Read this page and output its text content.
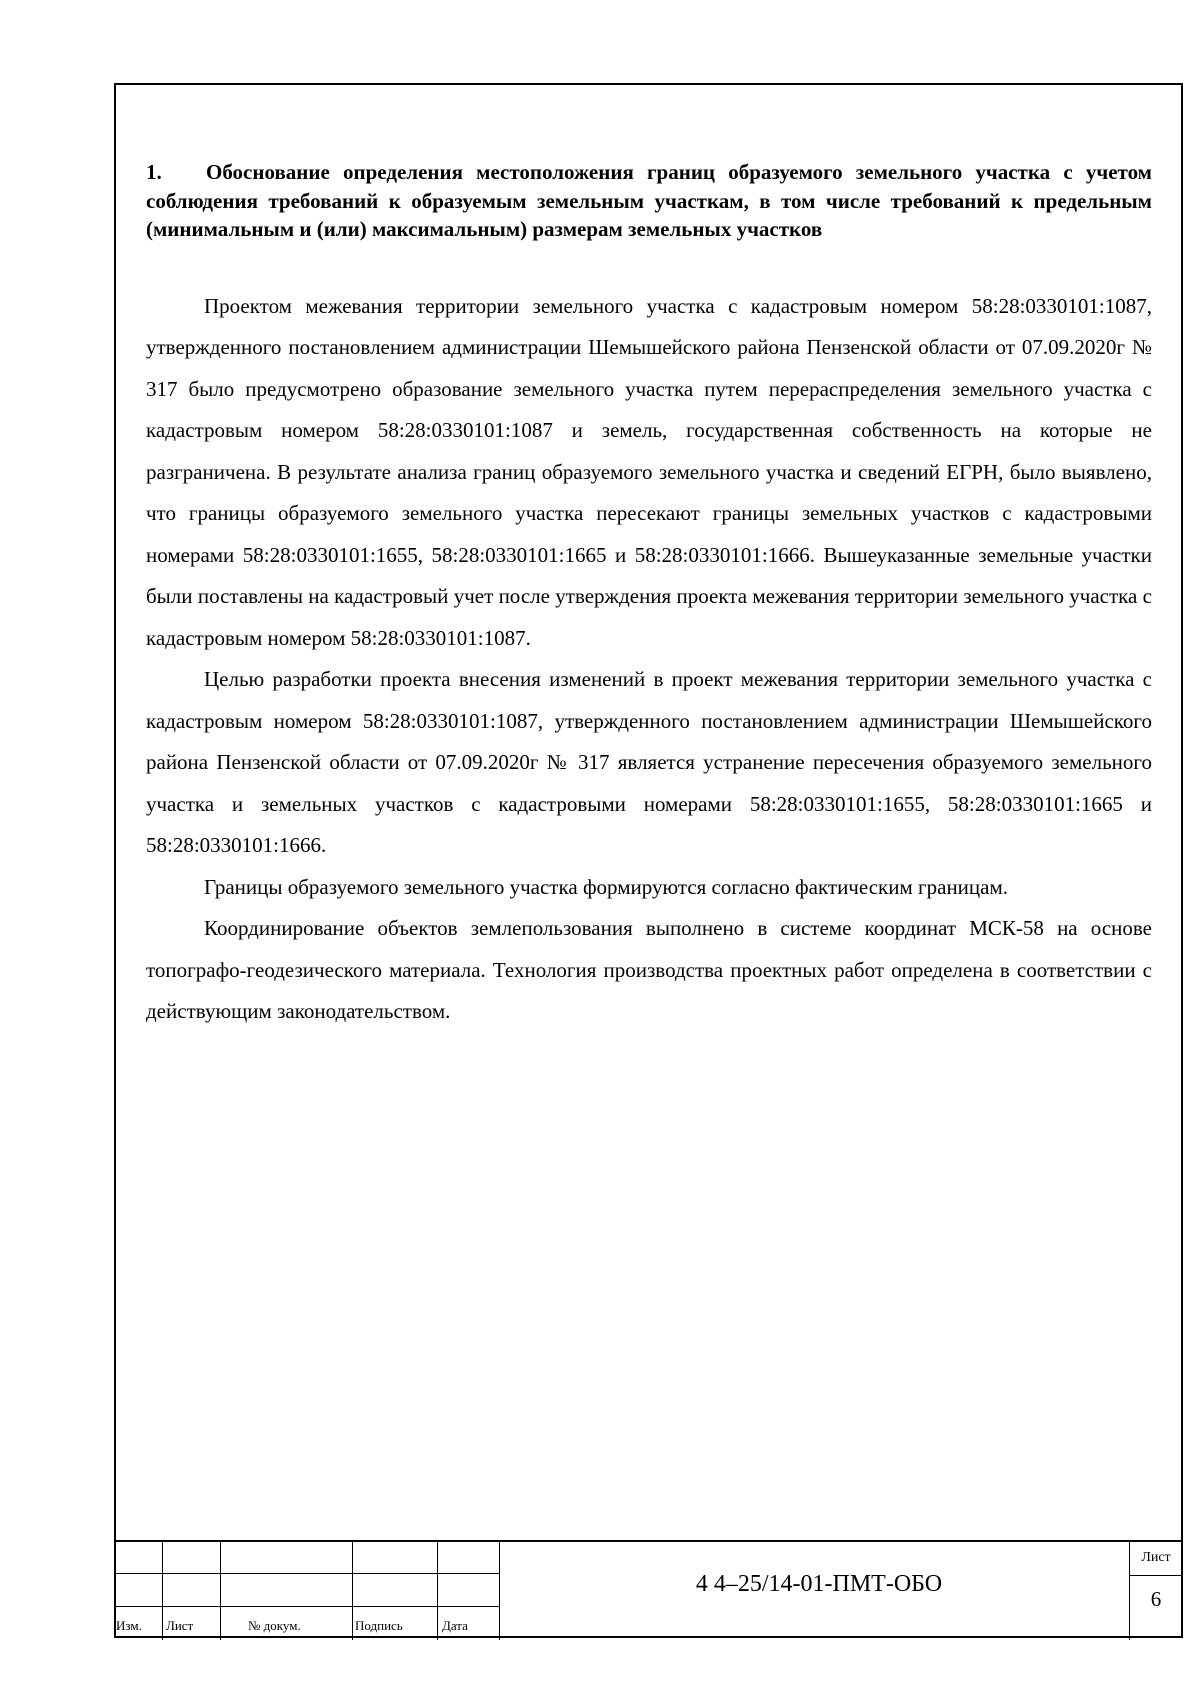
1. Обоснование определения местоположения границ образуемого земельного участка с учетом соблюдения требований к образуемым земельным участкам, в том числе требований к предельным (минимальным и (или) максимальным) размерам земельных участков

Проектом межевания территории земельного участка с кадастровым номером 58:28:0330101:1087, утвержденного постановлением администрации Шемышейского района Пензенской области от 07.09.2020г № 317 было предусмотрено образование земельного участка путем перераспределения земельного участка с кадастровым номером 58:28:0330101:1087 и земель, государственная собственность на которые не разграничена. В результате анализа границ образуемого земельного участка и сведений ЕГРН, было выявлено, что границы образуемого земельного участка пересекают границы земельных участков с кадастровыми номерами 58:28:0330101:1655, 58:28:0330101:1665 и 58:28:0330101:1666. Вышеуказанные земельные участки были поставлены на кадастровый учет после утверждения проекта межевания территории земельного участка с кадастровым номером 58:28:0330101:1087.

Целью разработки проекта внесения изменений в проект межевания территории земельного участка с кадастровым номером 58:28:0330101:1087, утвержденного постановлением администрации Шемышейского района Пензенской области от 07.09.2020г № 317 является устранение пересечения образуемого земельного участка и земельных участков с кадастровыми номерами 58:28:0330101:1655, 58:28:0330101:1665 и 58:28:0330101:1666.

Границы образуемого земельного участка формируются согласно фактическим границам.

Координирование объектов землепользования выполнено в системе координат МСК-58 на основе топографо-геодезического материала. Технология производства проектных работ определена в соответствии с действующим законодательством.

Изм. Лист	№ докум.	Подпись	Дата
4 4–25/14-01-ПМТ-ОБО
Лист
6
